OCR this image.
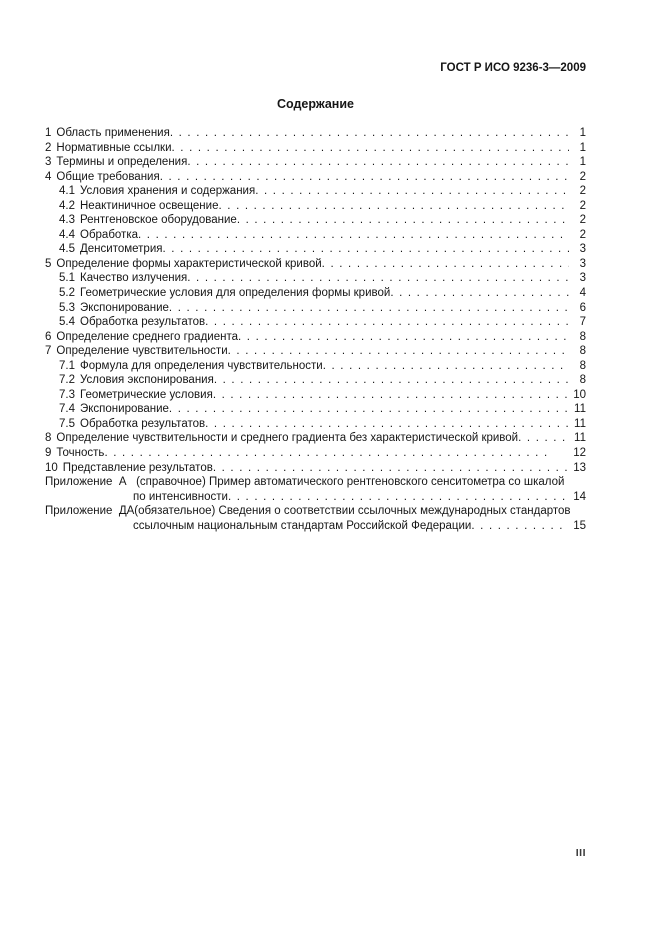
ГОСТ Р ИСО 9236-3—2009
Содержание
1 Область применения . . .	1
2 Нормативные ссылки . . .	1
3 Термины и определения . . .	1
4 Общие требования . . .	2
4.1 Условия хранения и содержания . . .	2
4.2 Неактиничное освещение . . .	2
4.3 Рентгеновское оборудование . . .	2
4.4 Обработка . . .	2
4.5 Денситометрия . . .	3
5 Определение формы характеристической кривой . . .	3
5.1 Качество излучения . . .	3
5.2 Геометрические условия для определения формы кривой . . .	4
5.3 Экспонирование . . .	6
5.4 Обработка результатов . . .	7
6 Определение среднего градиента . . .	8
7 Определение чувствительности . . .	8
7.1 Формула для определения чувствительности . . .	8
7.2 Условия экспонирования . . .	8
7.3 Геометрические условия . . .	10
7.4 Экспонирование . . .	11
7.5 Обработка результатов . . .	11
8 Определение чувствительности и среднего градиента без характеристической кривой . . .	11
9 Точность . . .	12
10 Представление результатов . . .	13
Приложение  А   (справочное) Пример автоматического рентгеновского сенситометра со шкалой
по интенсивности . . .	14
Приложение  ДА(обязательное) Сведения о соответствии ссылочных международных стандартов
ссылочным национальным стандартам Российской Федерации . . .	15
III
